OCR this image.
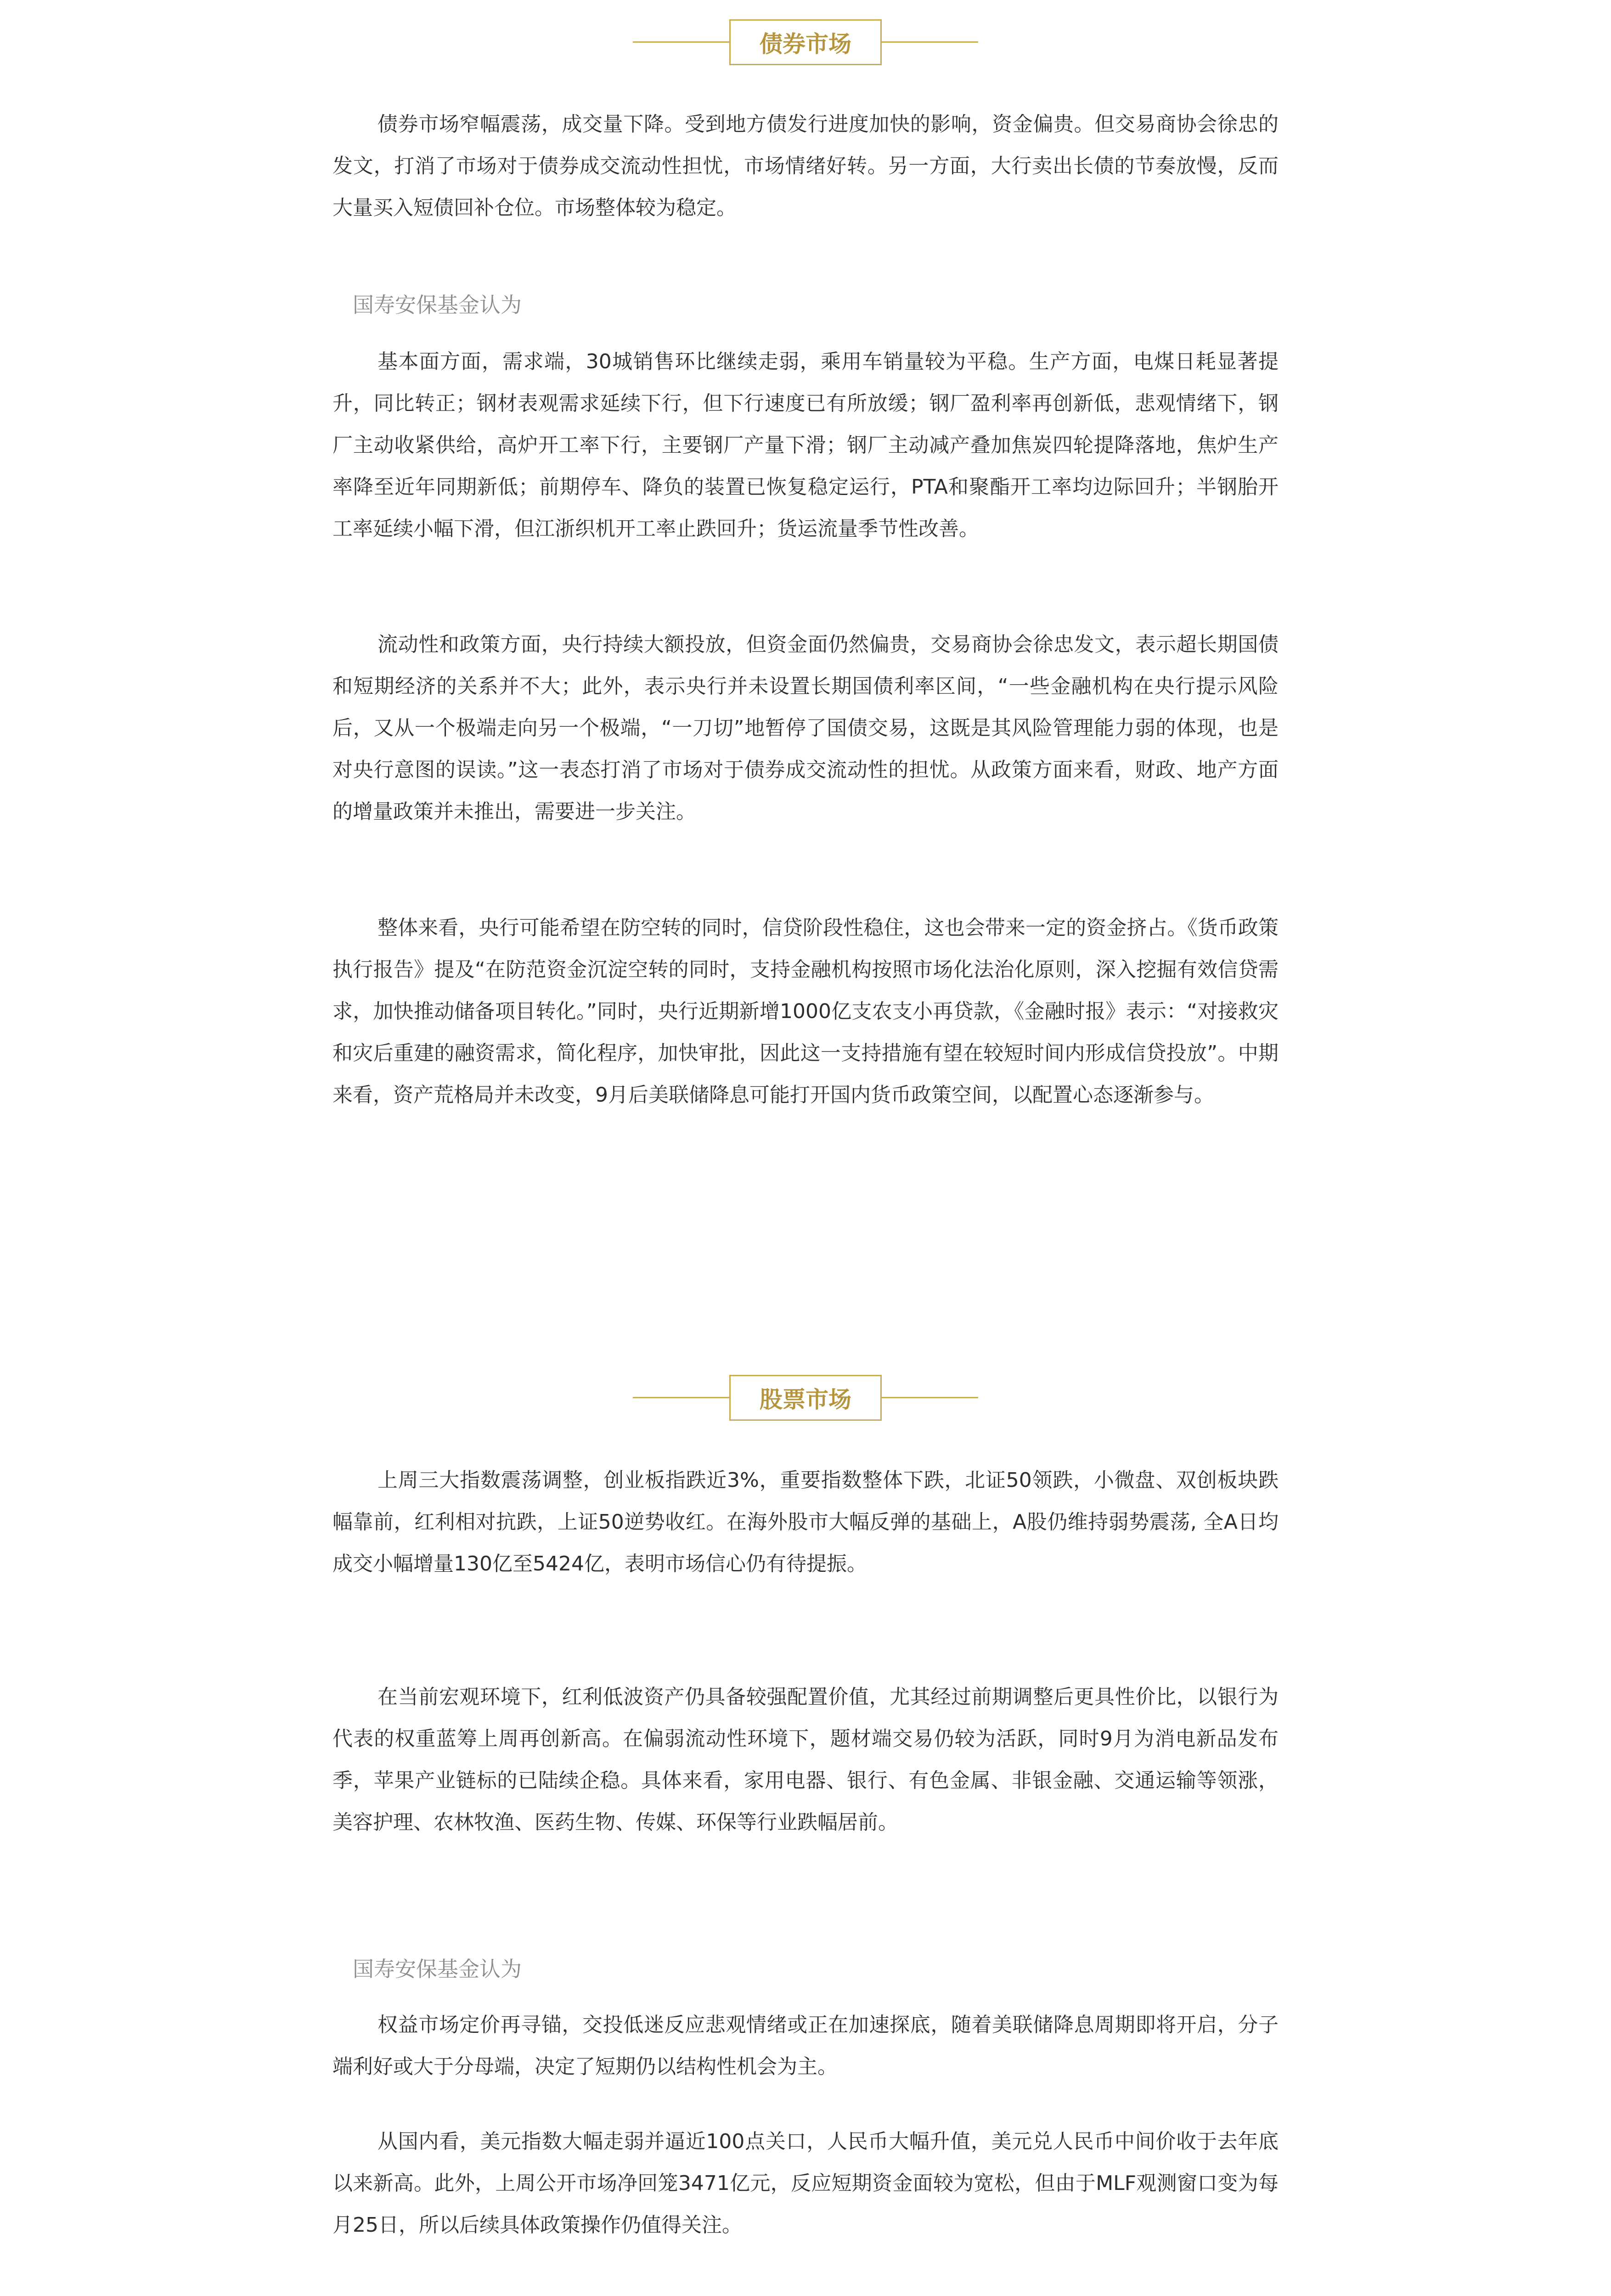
债券市场

债券市场窄幅震荡，成交量下降。受到地方债发行进度加快的影响，资金偏贵。但交易商协会徐忠的发文，打消了市场对于债券成交流动性担忧，市场情绪好转。另一方面，大行卖出长债的节奏放慢，反而大量买入短债回补仓位。市场整体较为稳定。

国寿安保基金认为

基本面方面，需求端，30城销售环比继续走弱，乘用车销量较为平稳。生产方面，电煤日耗显著提升，同比转正；钢材表观需求延续下行，但下行速度已有所放缓；钢厂盈利率再创新低，悲观情绪下，钢厂主动收紧供给，高炉开工率下行，主要钢厂产量下滑；钢厂主动减产叠加焦炭四轮提降落地，焦炉生产率降至近年同期新低；前期停车、降负的装置已恢复稳定运行，PTA和聚酯开工率均边际回升；半钢胎开工率延续小幅下滑，但江浙织机开工率止跌回升；货运流量季节性改善。

流动性和政策方面，央行持续大额投放，但资金面仍然偏贵，交易商协会徐忠发文，表示超长期国债和短期经济的关系并不大；此外，表示央行并未设置长期国债利率区间，“一些金融机构在央行提示风险后，又从一个极端走向另一个极端，“一刀切”地暂停了国债交易，这既是其风险管理能力弱的体现，也是对央行意图的误读。”这一表态打消了市场对于债券成交流动性的担忧。从政策方面来看，财政、地产方面的增量政策并未推出，需要进一步关注。

整体来看，央行可能希望在防空转的同时，信贷阶段性稳住，这也会带来一定的资金挤占。《货币政策执行报告》提及“在防范资金沉淀空转的同时，支持金融机构按照市场化法治化原则，深入挖掘有效信贷需求，加快推动储备项目转化。”同时，央行近期新增1000亿支农支小再贷款，《金融时报》表示：“对接救灾和灾后重建的融资需求，简化程序，加快审批，因此这一支持措施有望在较短时间内形成信贷投放”。中期来看，资产荒格局并未改变，9月后美联储降息可能打开国内货币政策空间，以配置心态逐渐参与。

股票市场

上周三大指数震荡调整，创业板指跌近3%，重要指数整体下跌，北证50领跌，小微盘、双创板块跌幅靠前，红利相对抗跌，上证50逆势收红。在海外股市大幅反弹的基础上，A股仍维持弱势震荡, 全A日均成交小幅增量130亿至5424亿，表明市场信心仍有待提振。

在当前宏观环境下，红利低波资产仍具备较强配置价值，尤其经过前期调整后更具性价比，以银行为代表的权重蓝筹上周再创新高。在偏弱流动性环境下，题材端交易仍较为活跃，同时9月为消电新品发布季，苹果产业链标的已陆续企稳。具体来看，家用电器、银行、有色金属、非银金融、交通运输等领涨，美容护理、农林牧渔、医药生物、传媒、环保等行业跌幅居前。

国寿安保基金认为

权益市场定价再寻锚，交投低迷反应悲观情绪或正在加速探底，随着美联储降息周期即将开启，分子端利好或大于分母端，决定了短期仍以结构性机会为主。

从国内看，美元指数大幅走弱并逼近100点关口，人民币大幅升值，美元兑人民币中间价收于去年底以来新高。此外，上周公开市场净回笼3471亿元，反应短期资金面较为宽松，但由于MLF观测窗口变为每月25日，所以后续具体政策操作仍值得关注。
